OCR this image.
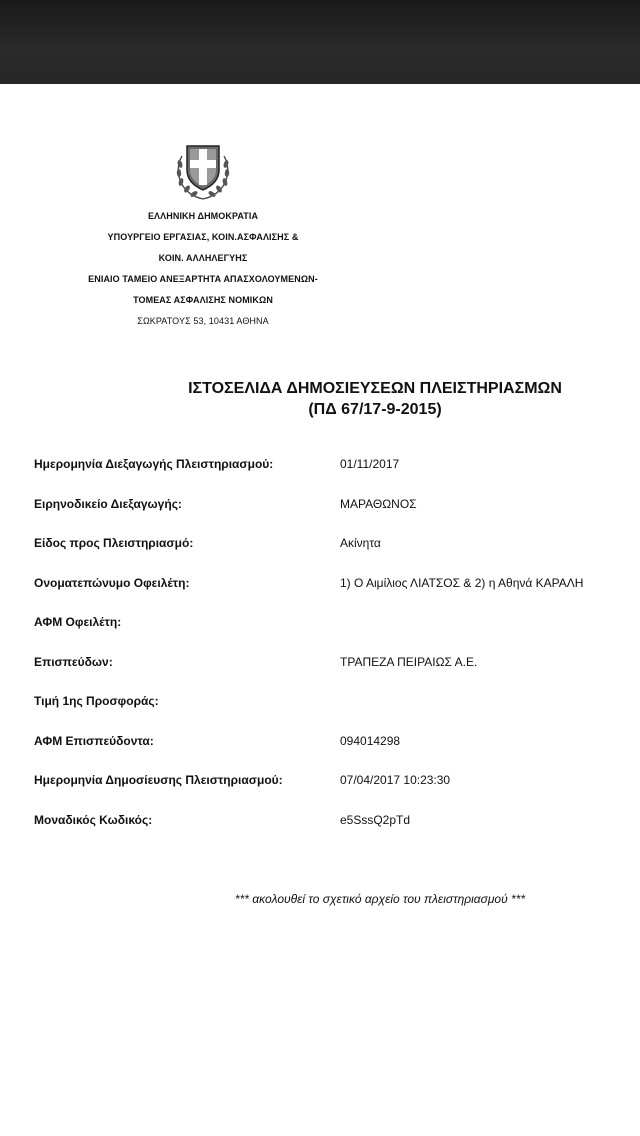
ΕΛΛΗΝΙΚΗ ΔΗΜΟΚΡΑΤΙΑ
ΥΠΟΥΡΓΕΙΟ ΕΡΓΑΣΙΑΣ, ΚΟΙΝ.ΑΣΦΑΛΙΣΗΣ &
ΚΟΙΝ. ΑΛΛΗΛΕΓΥΗΣ
ΕΝΙΑΙΟ ΤΑΜΕΙΟ ΑΝΕΞΑΡΤΗΤΑ ΑΠΑΣΧΟΛΟΥΜΕΝΩΝ-
ΤΟΜΕΑΣ ΑΣΦΑΛΙΣΗΣ ΝΟΜΙΚΩΝ
ΣΩΚΡΑΤΟΥΣ 53, 10431 ΑΘΗΝΑ
ΙΣΤΟΣΕΛΙΔΑ ΔΗΜΟΣΙΕΥΣΕΩΝ ΠΛΕΙΣΤΗΡΙΑΣΜΩΝ
(ΠΔ 67/17-9-2015)
Ημερομηνία Διεξαγωγής Πλειστηριασμού:	01/11/2017
Ειρηνοδικείο Διεξαγωγής:	ΜΑΡΑΘΩΝΟΣ
Είδος προς Πλειστηριασμό:	Ακίνητα
Ονοματεπώνυμο Οφειλέτη:	1) Ο Αιμίλιος ΛΙΑΤΣΟΣ & 2) η Αθηνά ΚΑΡΑΛΗ
ΑΦΜ Οφειλέτη:
Επισπεύδων:	ΤΡΑΠΕΖΑ ΠΕΙΡΑΙΩΣ Α.Ε.
Τιμή 1ης Προσφοράς:
ΑΦΜ Επισπεύδοντα:	094014298
Ημερομηνία Δημοσίευσης Πλειστηριασμού:	07/04/2017 10:23:30
Μοναδικός Κωδικός:	e5SssQ2pTd
*** ακολουθεί το σχετικό αρχείο του πλειστηριασμού ***
